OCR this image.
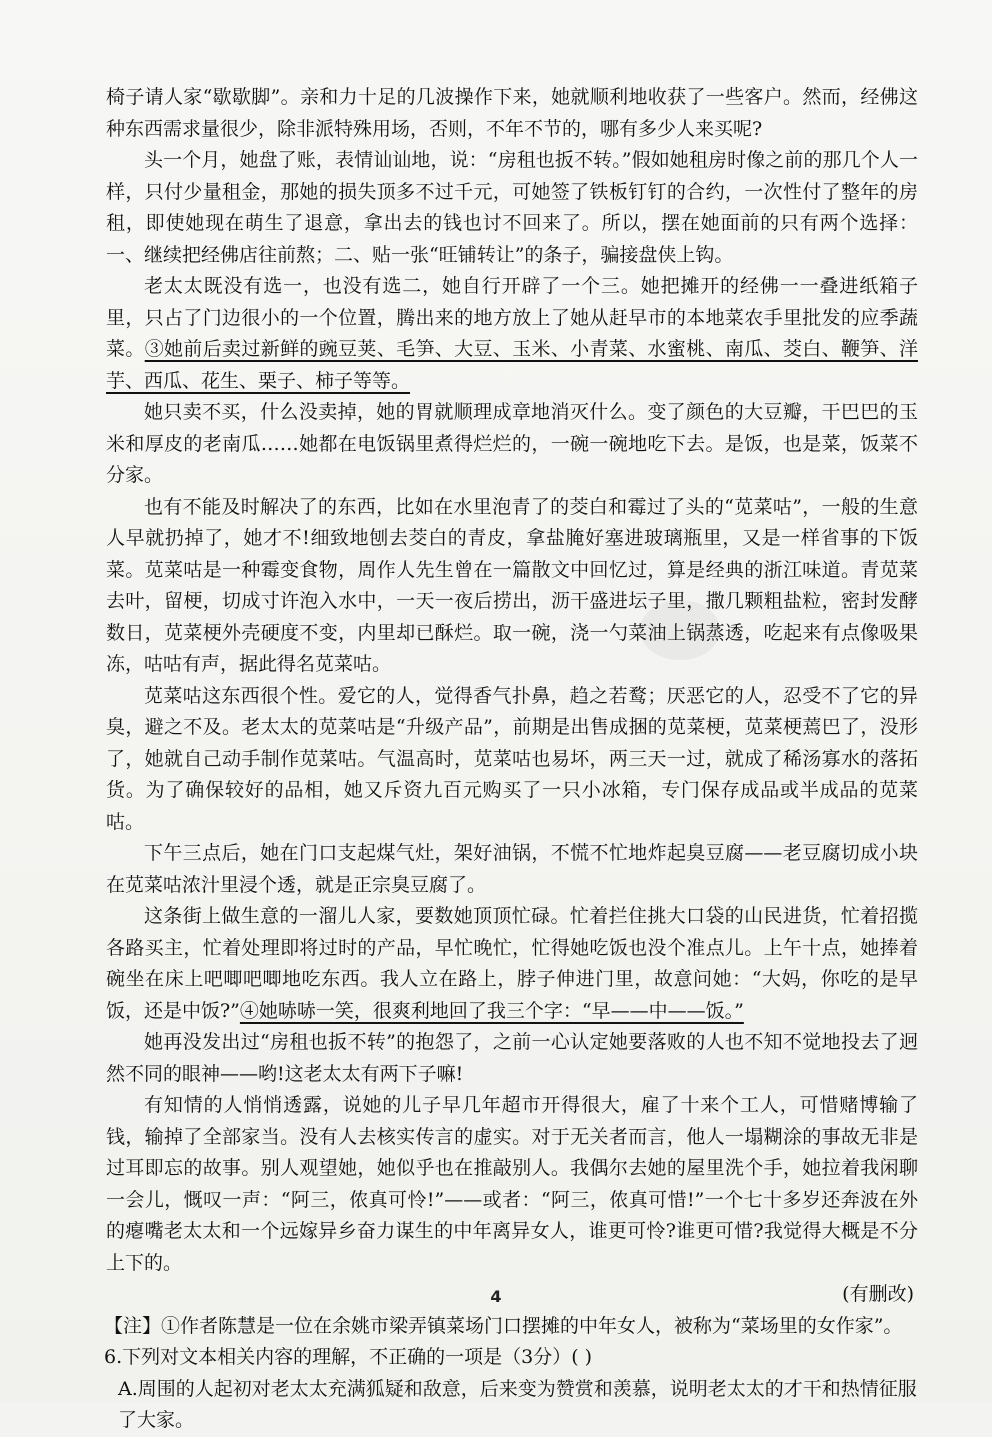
椅子请人家“歇歇脚”。亲和力十足的几波操作下来，她就顺利地收获了一些客户。然而，经佛这种东西需求量很少，除非派特殊用场，否则，不年不节的，哪有多少人来买呢?

头一个月，她盘了账，表情讪讪地，说：“房租也扳不转。”假如她租房时像之前的那几个人一样，只付少量租金，那她的损失顶多不过千元，可她签了铁板钉钉的合约，一次性付了整年的房租，即使她现在萌生了退意，拿出去的钱也讨不回来了。所以，摆在她面前的只有两个选择：一、继续把经佛店往前熬；二、贴一张“旺铺转让”的条子，骗接盘侠上钩。

老太太既没有选一，也没有选二，她自行开辟了一个三。她把摊开的经佛一一叠进纸箱子里，只占了门边很小的一个位置，腾出来的地方放上了她从赶早市的本地菜农手里批发的应季蔬菜。③她前后卖过新鲜的豌豆荚、毛笋、大豆、玉米、小青菜、水蜜桃、南瓜、茭白、鞭笋、洋芋、西瓜、花生、栗子、柿子等等。

她只卖不买，什么没卖掉，她的胃就顺理成章地消灭什么。变了颜色的大豆瓣，干巴巴的玉米和厚皮的老南瓜……她都在电饭锅里煮得烂烂的，一碗一碗地吃下去。是饭，也是菜，饭菜不分家。

也有不能及时解决了的东西，比如在水里泡青了的茭白和霉过了头的“苋菜咕”，一般的生意人早就扔掉了，她才不!细致地刨去茭白的青皮，拿盐腌好塞进玻璃瓶里，又是一样省事的下饭菜。苋菜咕是一种霉变食物，周作人先生曾在一篇散文中回忆过，算是经典的浙江味道。青苋菜去叶，留梗，切成寸许泡入水中，一天一夜后捞出，沥干盛进坛子里，撒几颗粗盐粒，密封发酵数日，苋菜梗外壳硬度不变，内里却已酥烂。取一碗，浇一勺菜油上锅蒸透，吃起来有点像吸果冻，咕咕有声，据此得名苋菜咕。

苋菜咕这东西很个性。爱它的人，觉得香气扑鼻，趋之若鹜；厌恶它的人，忍受不了它的异臭，避之不及。老太太的苋菜咕是“升级产品”，前期是出售成捆的苋菜梗，苋菜梗蔫巴了，没形了，她就自己动手制作苋菜咕。气温高时，苋菜咕也易坏，两三天一过，就成了稀汤寡水的落拓货。为了确保较好的品相，她又斥资九百元购买了一只小冰箱，专门保存成品或半成品的苋菜咕。

下午三点后，她在门口支起煤气灶，架好油锅，不慌不忙地炸起臭豆腐——老豆腐切成小块在苋菜咕浓汁里浸个透，就是正宗臭豆腐了。

这条街上做生意的一溜儿人家，要数她顶顶忙碌。忙着拦住挑大口袋的山民进货，忙着招揽各路买主，忙着处理即将过时的产品，早忙晚忙，忙得她吃饭也没个准点儿。上午十点，她捧着碗坐在床上吧唧吧唧地吃东西。我人立在路上，脖子伸进门里，故意问她：“大妈，你吃的是早饭，还是中饭?”④她哧哧一笑，很爽利地回了我三个字：“早——中——饭。”

她再没发出过“房租也扳不转”的抱怨了，之前一心认定她要落败的人也不知不觉地投去了迥然不同的眼神——哟!这老太太有两下子嘛!

有知情的人悄悄透露，说她的儿子早几年超市开得很大，雇了十来个工人，可惜赌博输了钱，输掉了全部家当。没有人去核实传言的虚实。对于无关者而言，他人一塌糊涂的事故无非是过耳即忘的故事。别人观望她，她似乎也在推敲别人。我偶尔去她的屋里洗个手，她拉着我闲聊一会儿，慨叹一声：“阿三，侬真可怜!”——或者：“阿三，侬真可惜!”一个七十多岁还奔波在外的瘪嘴老太太和一个远嫁异乡奋力谋生的中年离异女人，谁更可怜?谁更可惜?我觉得大概是不分上下的。

(有删改)

【注】①作者陈慧是一位在余姚市梁弄镇菜场门口摆摊的中年女人，被称为“菜场里的女作家”。

6.下列对文本相关内容的理解，不正确的一项是（3分）( )

A.周围的人起初对老太太充满狐疑和敌意，后来变为赞赏和羡慕，说明老太太的才干和热情征服了大家。

4
